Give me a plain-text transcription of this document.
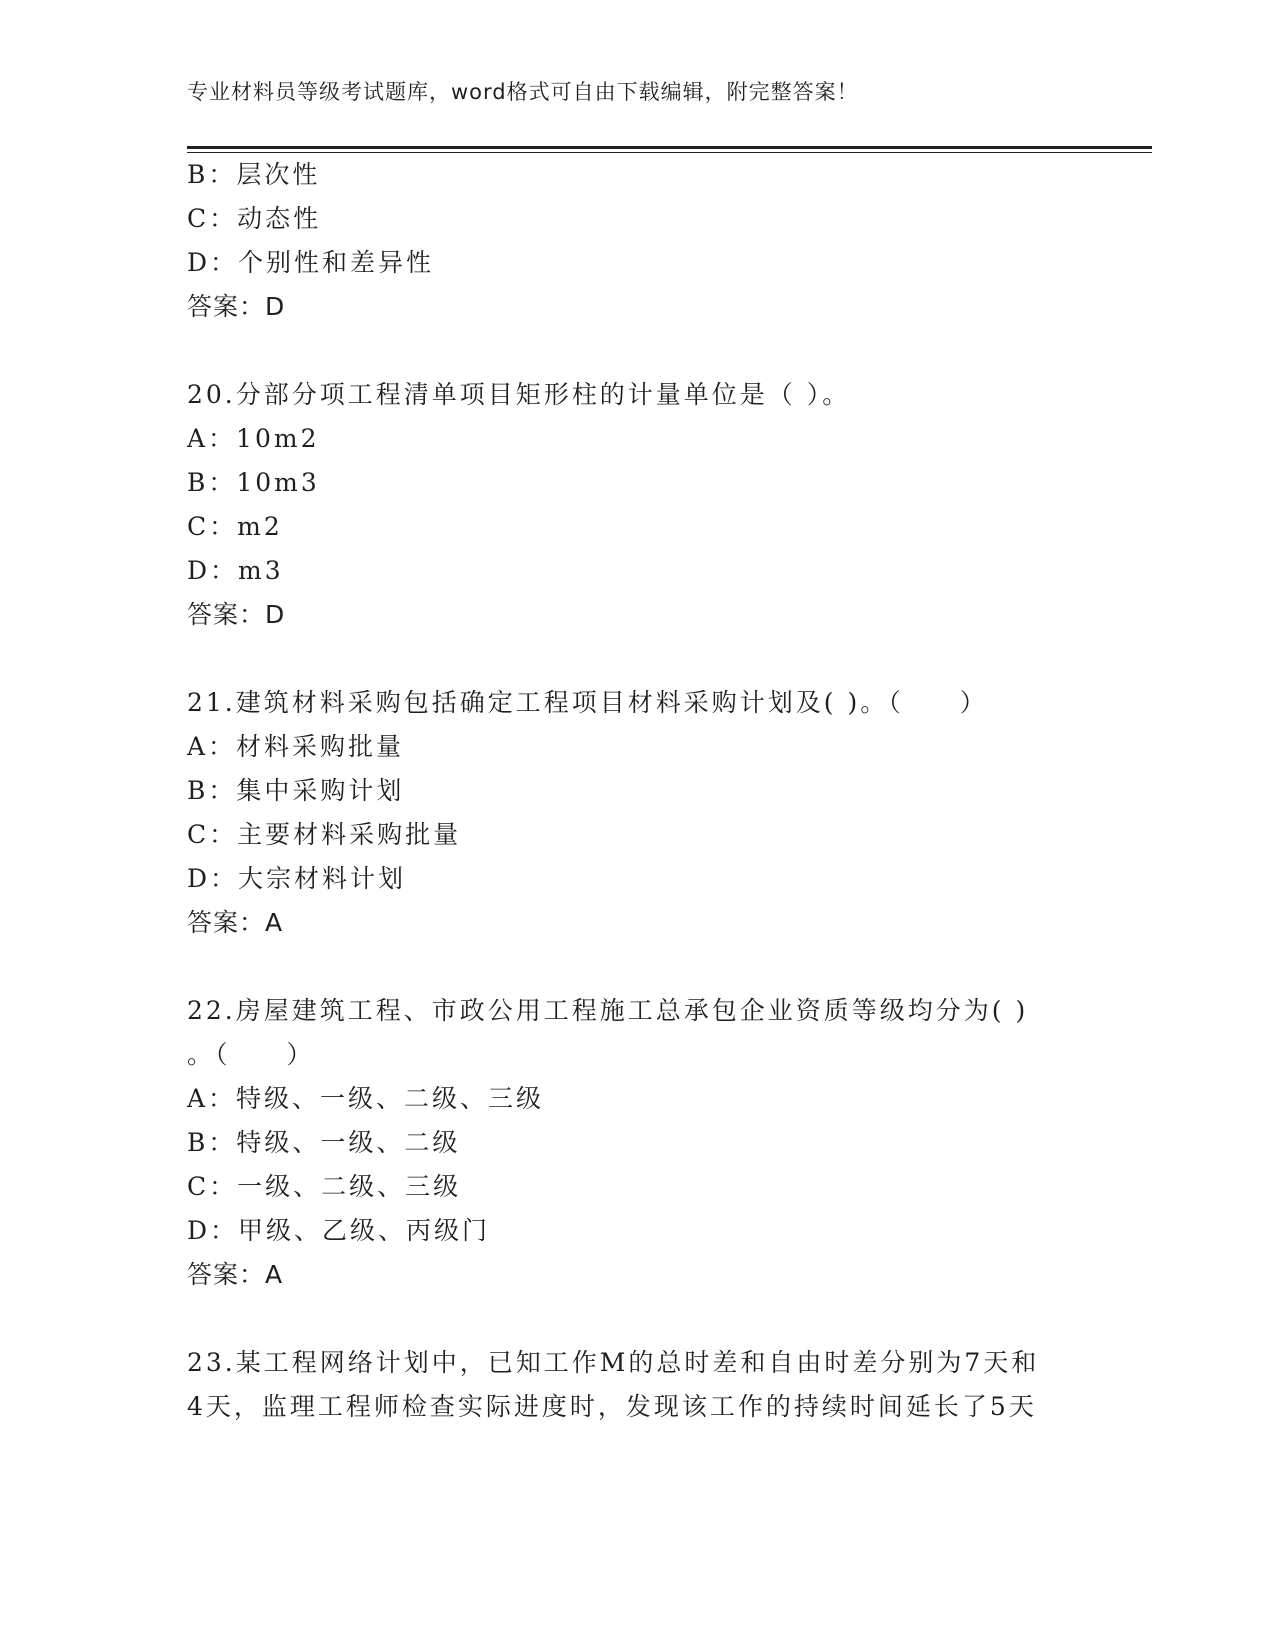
专业材料员等级考试题库，word格式可自由下载编辑，附完整答案！
B：层次性
C：动态性
D：个别性和差异性
答案：D
20.分部分项工程清单项目矩形柱的计量单位是（ ）。
A：10m2
B：10m3
C：m2
D：m3
答案：D
21.建筑材料采购包括确定工程项目材料采购计划及( )。（　　）
A：材料采购批量
B：集中采购计划
C：主要材料采购批量
D：大宗材料计划
答案：A
22.房屋建筑工程、市政公用工程施工总承包企业资质等级均分为( )
。（　　）
A：特级、一级、二级、三级
B：特级、一级、二级
C：一级、二级、三级
D：甲级、乙级、丙级门
答案：A
23.某工程网络计划中，已知工作M的总时差和自由时差分别为7天和
4天，监理工程师检查实际进度时，发现该工作的持续时间延长了5天
